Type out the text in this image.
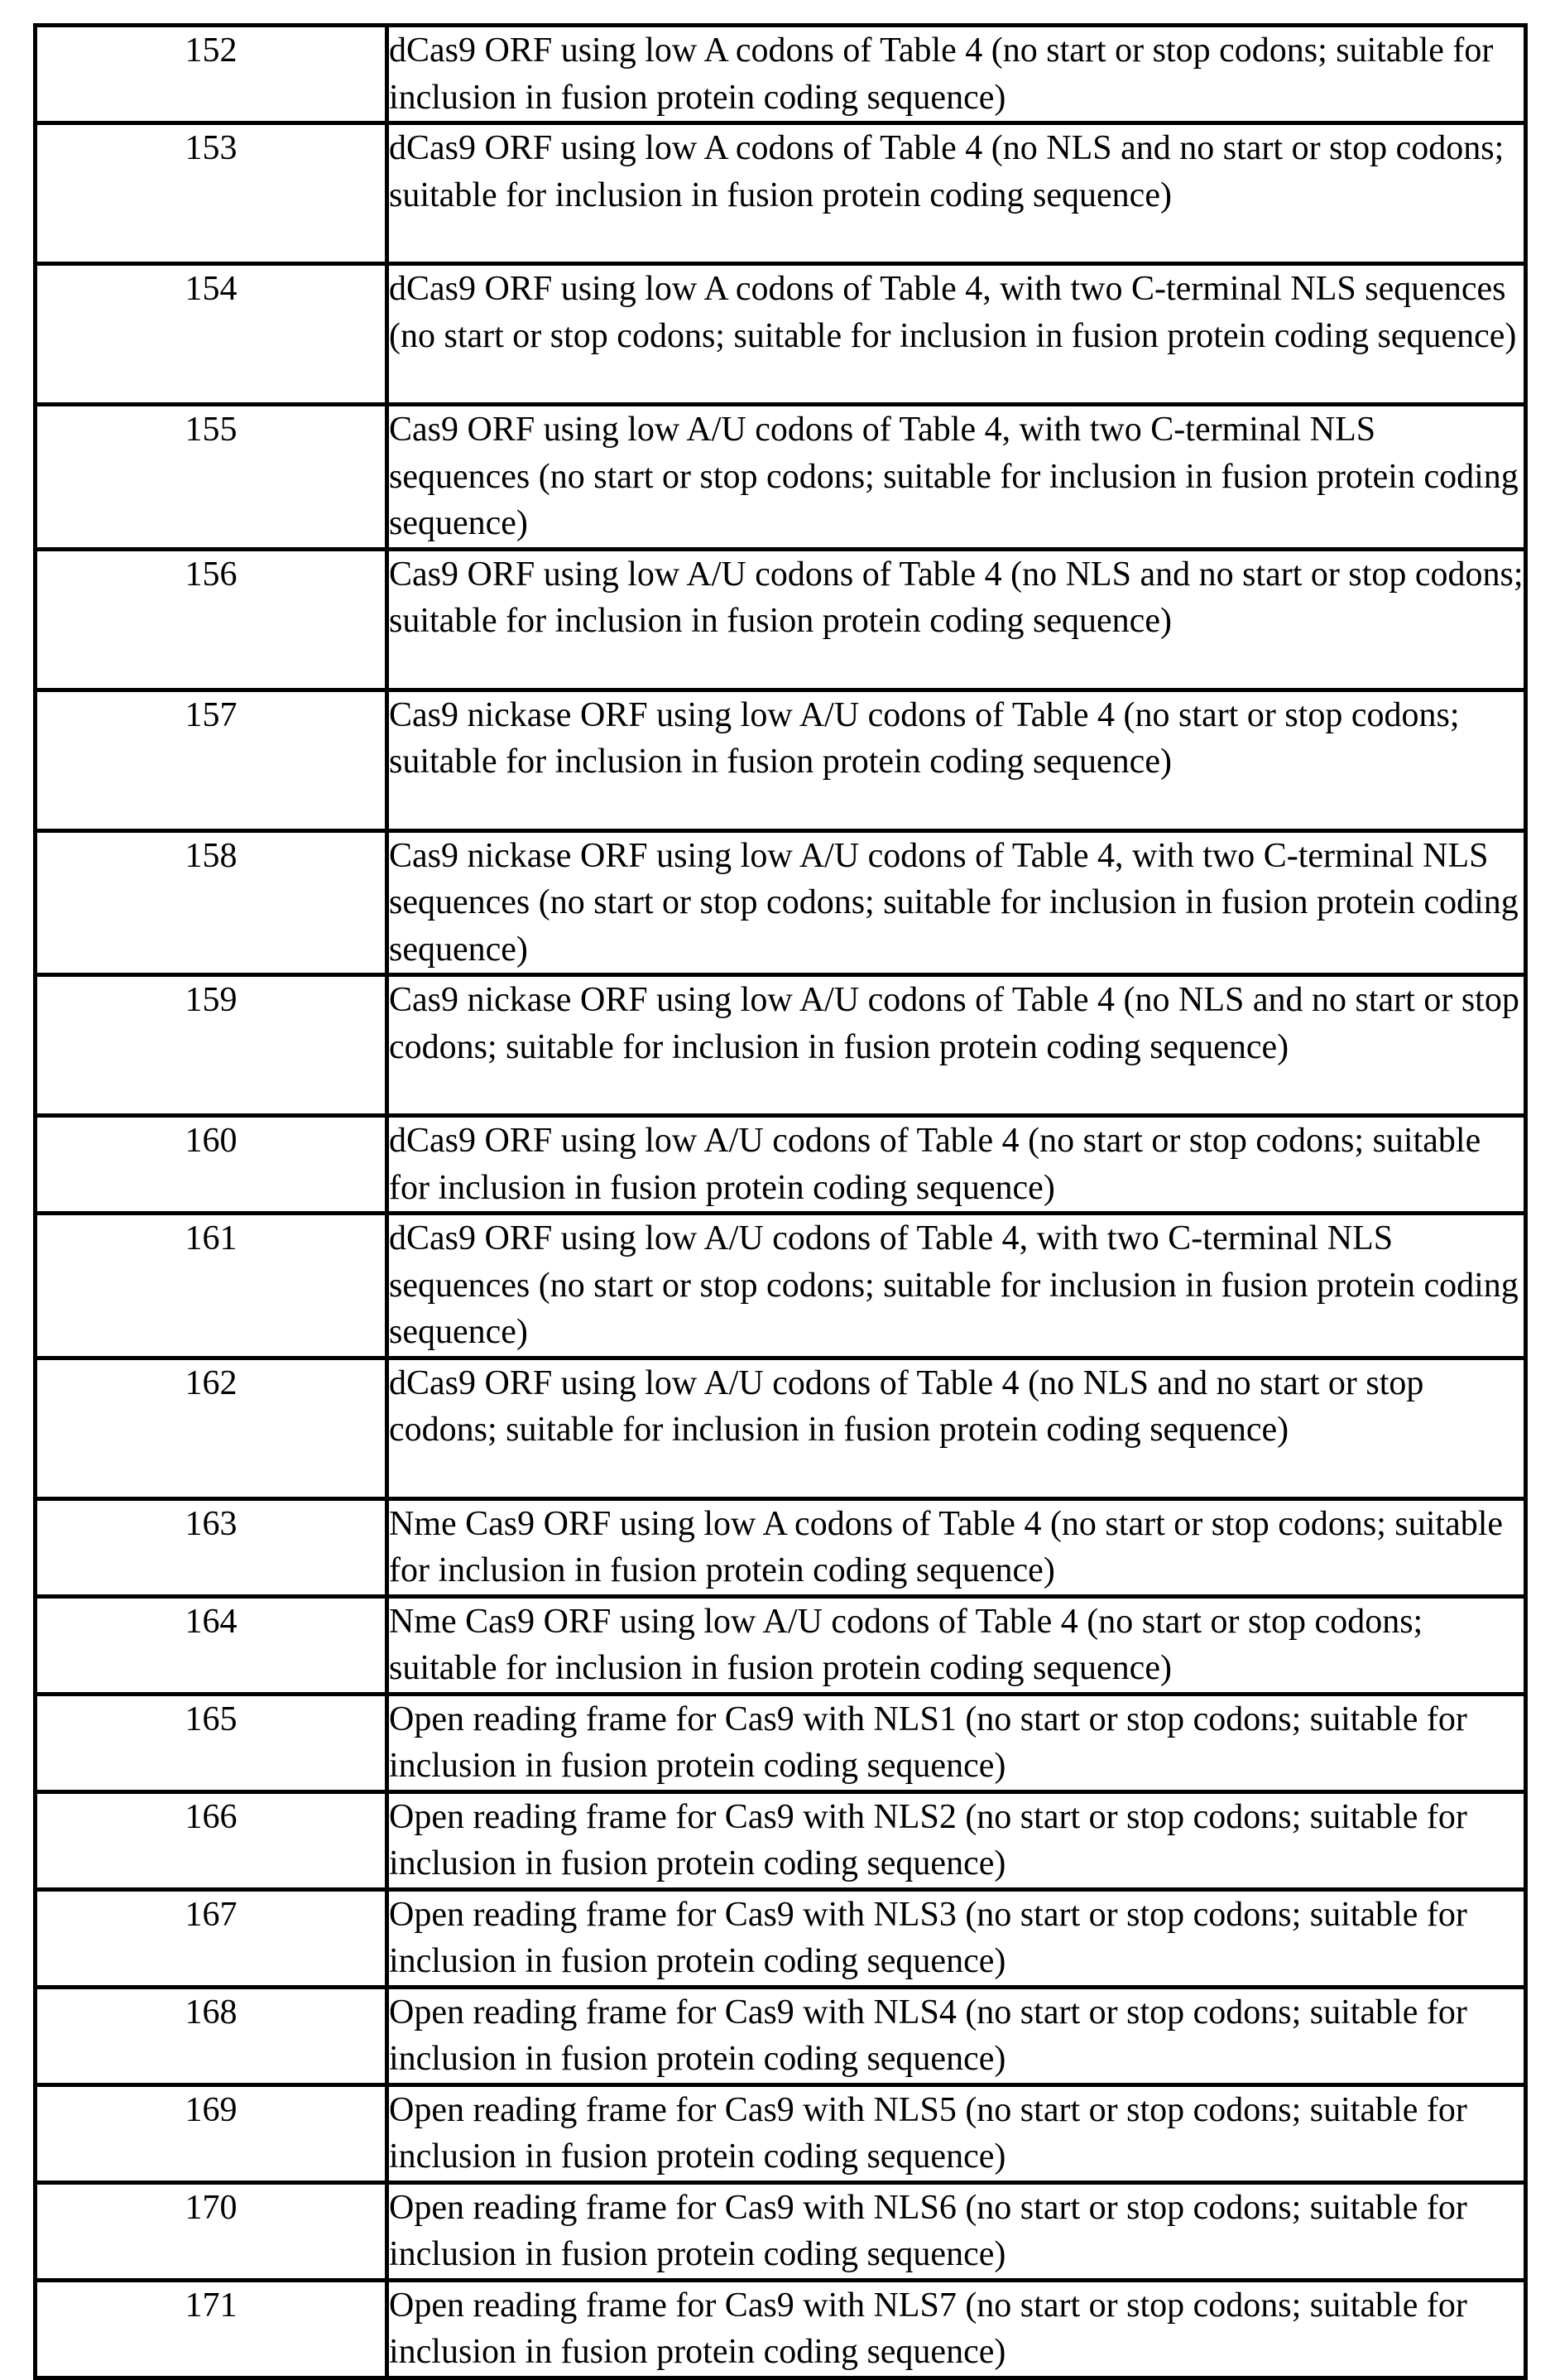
152	dCas9 ORF using low A codons of Table 4 (no start or stop codons; suitable for inclusion in fusion protein coding sequence)
153	dCas9 ORF using low A codons of Table 4 (no NLS and no start or stop codons; suitable for inclusion in fusion protein coding sequence)
154	dCas9 ORF using low A codons of Table 4, with two C-terminal NLS sequences (no start or stop codons; suitable for inclusion in fusion protein coding sequence)
155	Cas9 ORF using low A/U codons of Table 4, with two C-terminal NLS sequences (no start or stop codons; suitable for inclusion in fusion protein coding sequence)
156	Cas9 ORF using low A/U codons of Table 4 (no NLS and no start or stop codons; suitable for inclusion in fusion protein coding sequence)
157	Cas9 nickase ORF using low A/U codons of Table 4 (no start or stop codons; suitable for inclusion in fusion protein coding sequence)
158	Cas9 nickase ORF using low A/U codons of Table 4, with two C-terminal NLS sequences (no start or stop codons; suitable for inclusion in fusion protein coding sequence)
159	Cas9 nickase ORF using low A/U codons of Table 4 (no NLS and no start or stop codons; suitable for inclusion in fusion protein coding sequence)
160	dCas9 ORF using low A/U codons of Table 4 (no start or stop codons; suitable for inclusion in fusion protein coding sequence)
161	dCas9 ORF using low A/U codons of Table 4, with two C-terminal NLS sequences (no start or stop codons; suitable for inclusion in fusion protein coding sequence)
162	dCas9 ORF using low A/U codons of Table 4 (no NLS and no start or stop codons; suitable for inclusion in fusion protein coding sequence)
163	Nme Cas9 ORF using low A codons of Table 4 (no start or stop codons; suitable for inclusion in fusion protein coding sequence)
164	Nme Cas9 ORF using low A/U codons of Table 4 (no start or stop codons; suitable for inclusion in fusion protein coding sequence)
165	Open reading frame for Cas9 with NLS1 (no start or stop codons; suitable for inclusion in fusion protein coding sequence)
166	Open reading frame for Cas9 with NLS2 (no start or stop codons; suitable for inclusion in fusion protein coding sequence)
167	Open reading frame for Cas9 with NLS3 (no start or stop codons; suitable for inclusion in fusion protein coding sequence)
168	Open reading frame for Cas9 with NLS4 (no start or stop codons; suitable for inclusion in fusion protein coding sequence)
169	Open reading frame for Cas9 with NLS5 (no start or stop codons; suitable for inclusion in fusion protein coding sequence)
170	Open reading frame for Cas9 with NLS6 (no start or stop codons; suitable for inclusion in fusion protein coding sequence)
171	Open reading frame for Cas9 with NLS7 (no start or stop codons; suitable for inclusion in fusion protein coding sequence)
